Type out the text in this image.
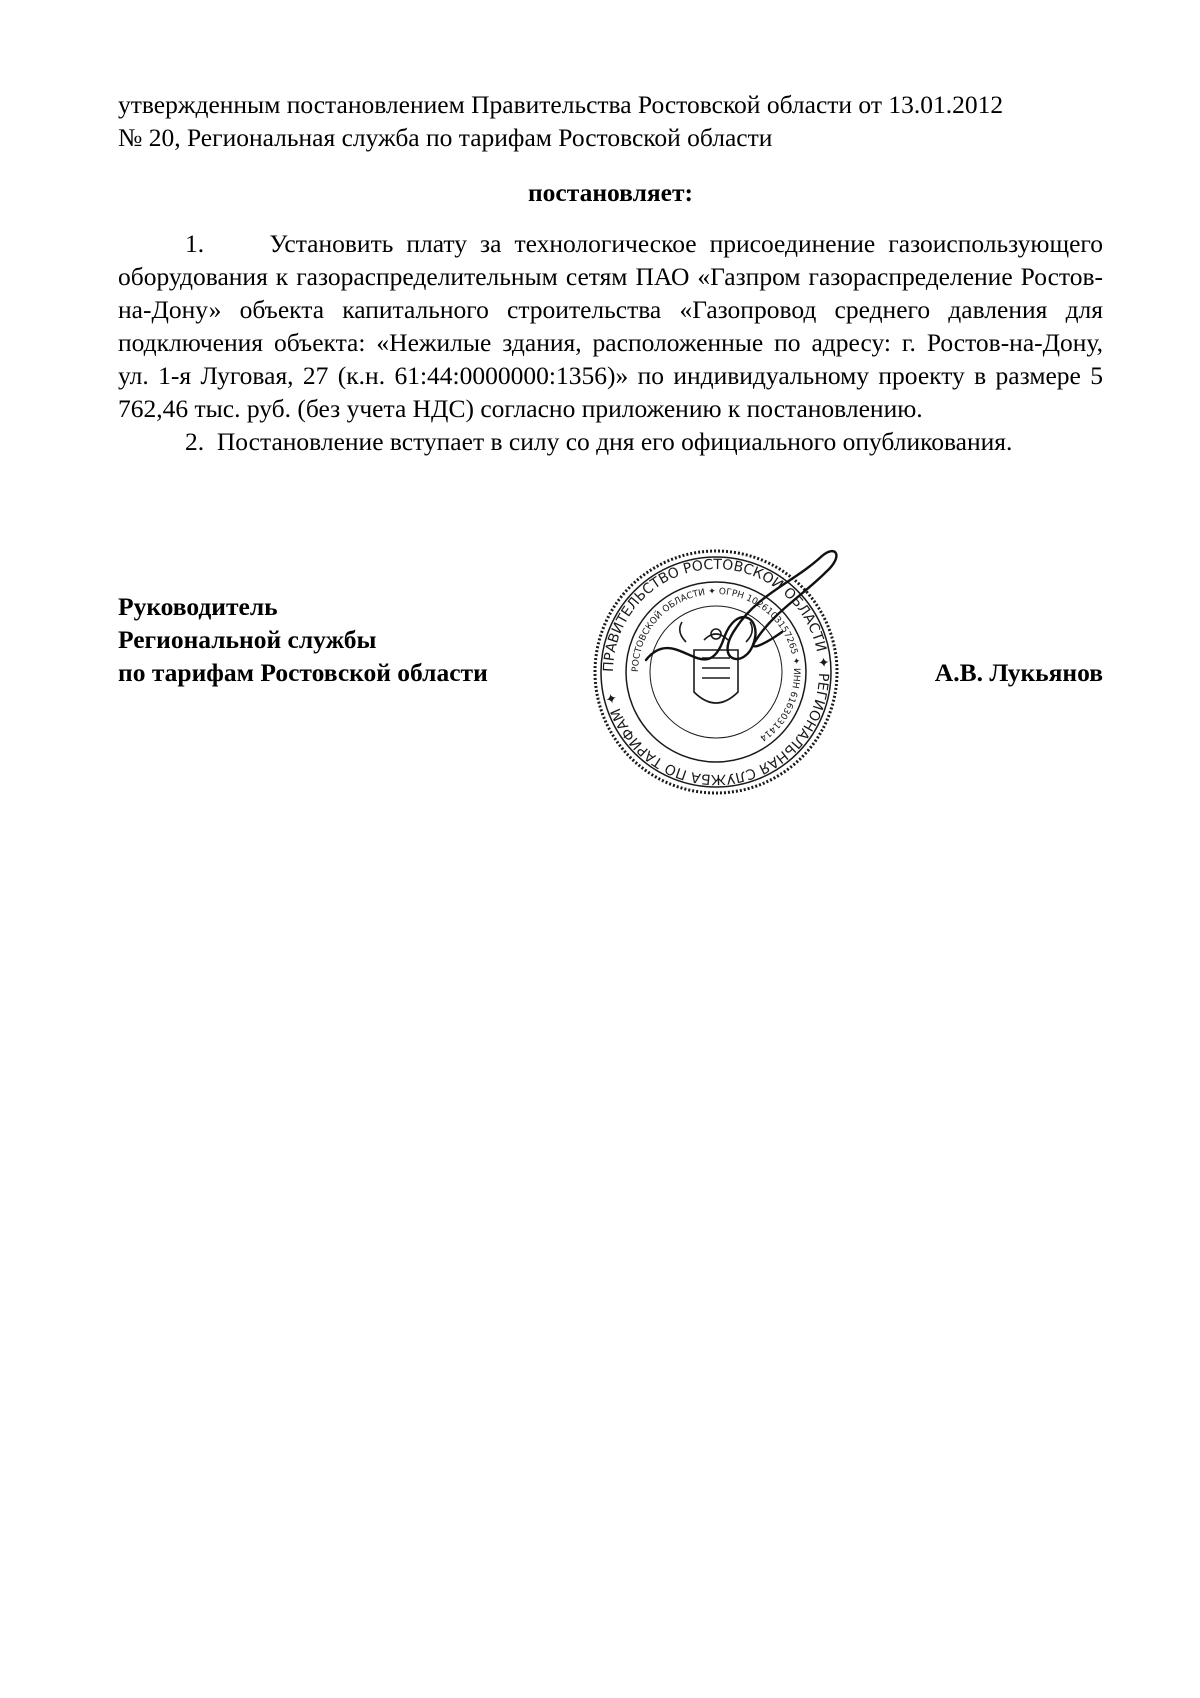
утвержденным постановлением Правительства Ростовской области от 13.01.2012
№ 20, Региональная служба по тарифам Ростовской области

постановляет:

1.     Установить плату за технологическое присоединение газоиспользующего оборудования к газораспределительным сетям ПАО «Газпром газораспределение Ростов-на-Дону» объекта капитального строительства «Газопровод среднего давления для подключения объекта: «Нежилые здания, расположенные по адресу: г. Ростов-на-Дону, ул. 1-я Луговая, 27 (к.н. 61:44:0000000:1356)» по индивидуальному проекту в размере 5 762,46 тыс. руб. (без учета НДС) согласно приложению к постановлению.

2.  Постановление вступает в силу со дня его официального опубликования.

Руководитель
Региональной службы
по тарифам Ростовской области	ПРАВИТЕЛЬСТВО РОСТОВСКОЙ ОБЛАСТИ ✦ РЕГИОНАЛЬНАЯ СЛУЖБА ПО ТАРИФАМ ✦
РОСТОВСКОЙ ОБЛАСТИ ✦ ОГРН 1026103157265 ✦ ИНН 6163031414
А.В. Лукьянов
